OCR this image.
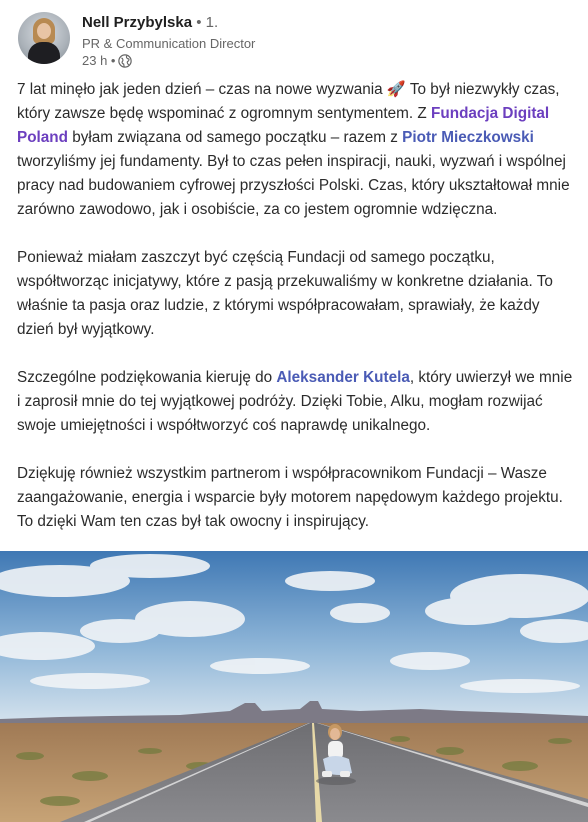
Nell Przybylska • 1.
PR & Communication Director
23 h •

7 lat minęło jak jeden dzień – czas na nowe wyzwania 🚀 To był niezwykły czas, który zawsze będę wspominać z ogromnym sentymentem. Z Fundacja Digital Poland byłam związana od samego początku – razem z Piotr Mieczkowski tworzyliśmy jej fundamenty. Był to czas pełen inspiracji, nauki, wyzwań i wspólnej pracy nad budowaniem cyfrowej przyszłości Polski. Czas, który ukształtował mnie zarówno zawodowo, jak i osobiście, za co jestem ogromnie wdzięczna.

Ponieważ miałam zaszczyt być częścią Fundacji od samego początku, współtworząc inicjatywy, które z pasją przekuwaliśmy w konkretne działania. To właśnie ta pasja oraz ludzie, z którymi współpracowałam, sprawiały, że każdy dzień był wyjątkowy.

Szczególne podziękowania kieruję do Aleksander Kutela, który uwierzył we mnie i zaprosił mnie do tej wyjątkowej podróży. Dzięki Tobie, Alku, mogłam rozwijać swoje umiejętności i współtworzyć coś naprawdę unikalnego.

Dziękuję również wszystkim partnerom i współpracownikom Fundacji – Wasze zaangażowanie, energia i wsparcie były motorem napędowym każdego projektu. To dzięki Wam ten czas był tak owocny i inspirujący.
